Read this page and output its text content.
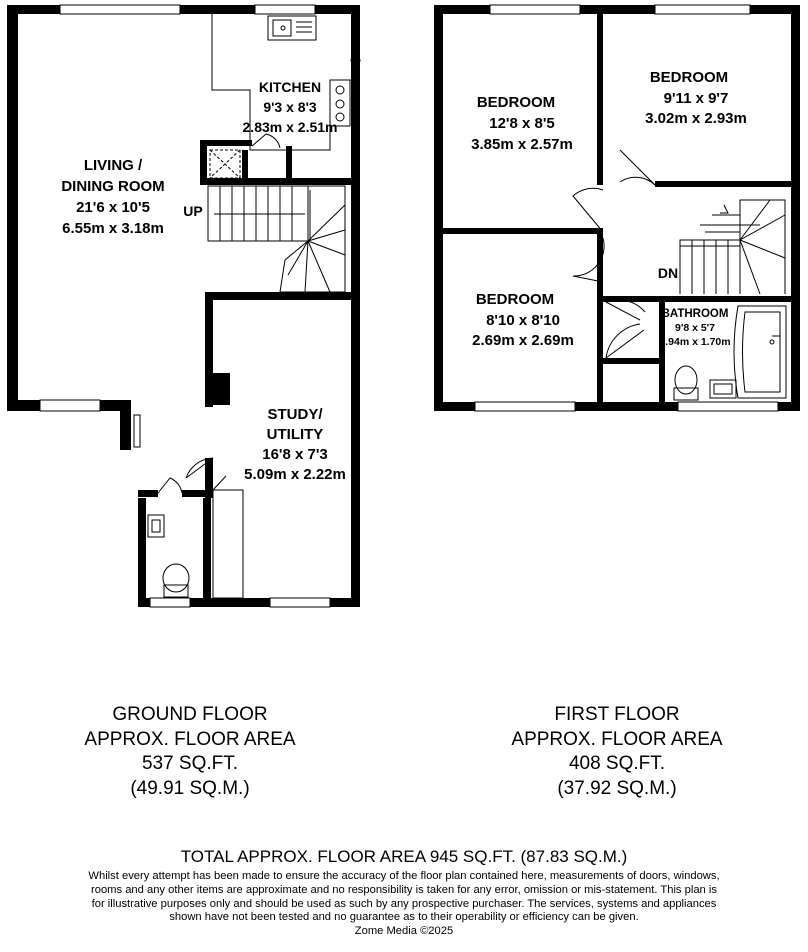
LIVING /
DINING ROOM
21'6 x 10'5
6.55m x 3.18m
KITCHEN
9'3 x 8'3
2.83m x 2.51m
UP
STUDY/
UTILITY
16'8 x 7'3
5.09m x 2.22m
BEDROOM
12'8 x 8'5
3.85m x 2.57m
BEDROOM
9'11 x 9'7
3.02m x 2.93m
DN
BEDROOM
8'10 x 8'10
2.69m x 2.69m
BATHROOM
9'8 x 5'7
2.94m x 1.70m
GROUND FLOOR
APPROX. FLOOR AREA
537 SQ.FT.
(49.91 SQ.M.)
FIRST FLOOR
APPROX. FLOOR AREA
408 SQ.FT.
(37.92 SQ.M.)
TOTAL APPROX. FLOOR AREA 945 SQ.FT. (87.83 SQ.M.)
Whilst every attempt has been made to ensure the accuracy of the floor plan contained here, measurements of doors, windows, rooms and any other items are approximate and no responsibility is taken for any error, omission or mis-statement. This plan is for illustrative purposes only and should be used as such by any prospective purchaser. The services, systems and appliances shown have not been tested and no guarantee as to their operability or efficiency can be given.
Zome Media ©2025
